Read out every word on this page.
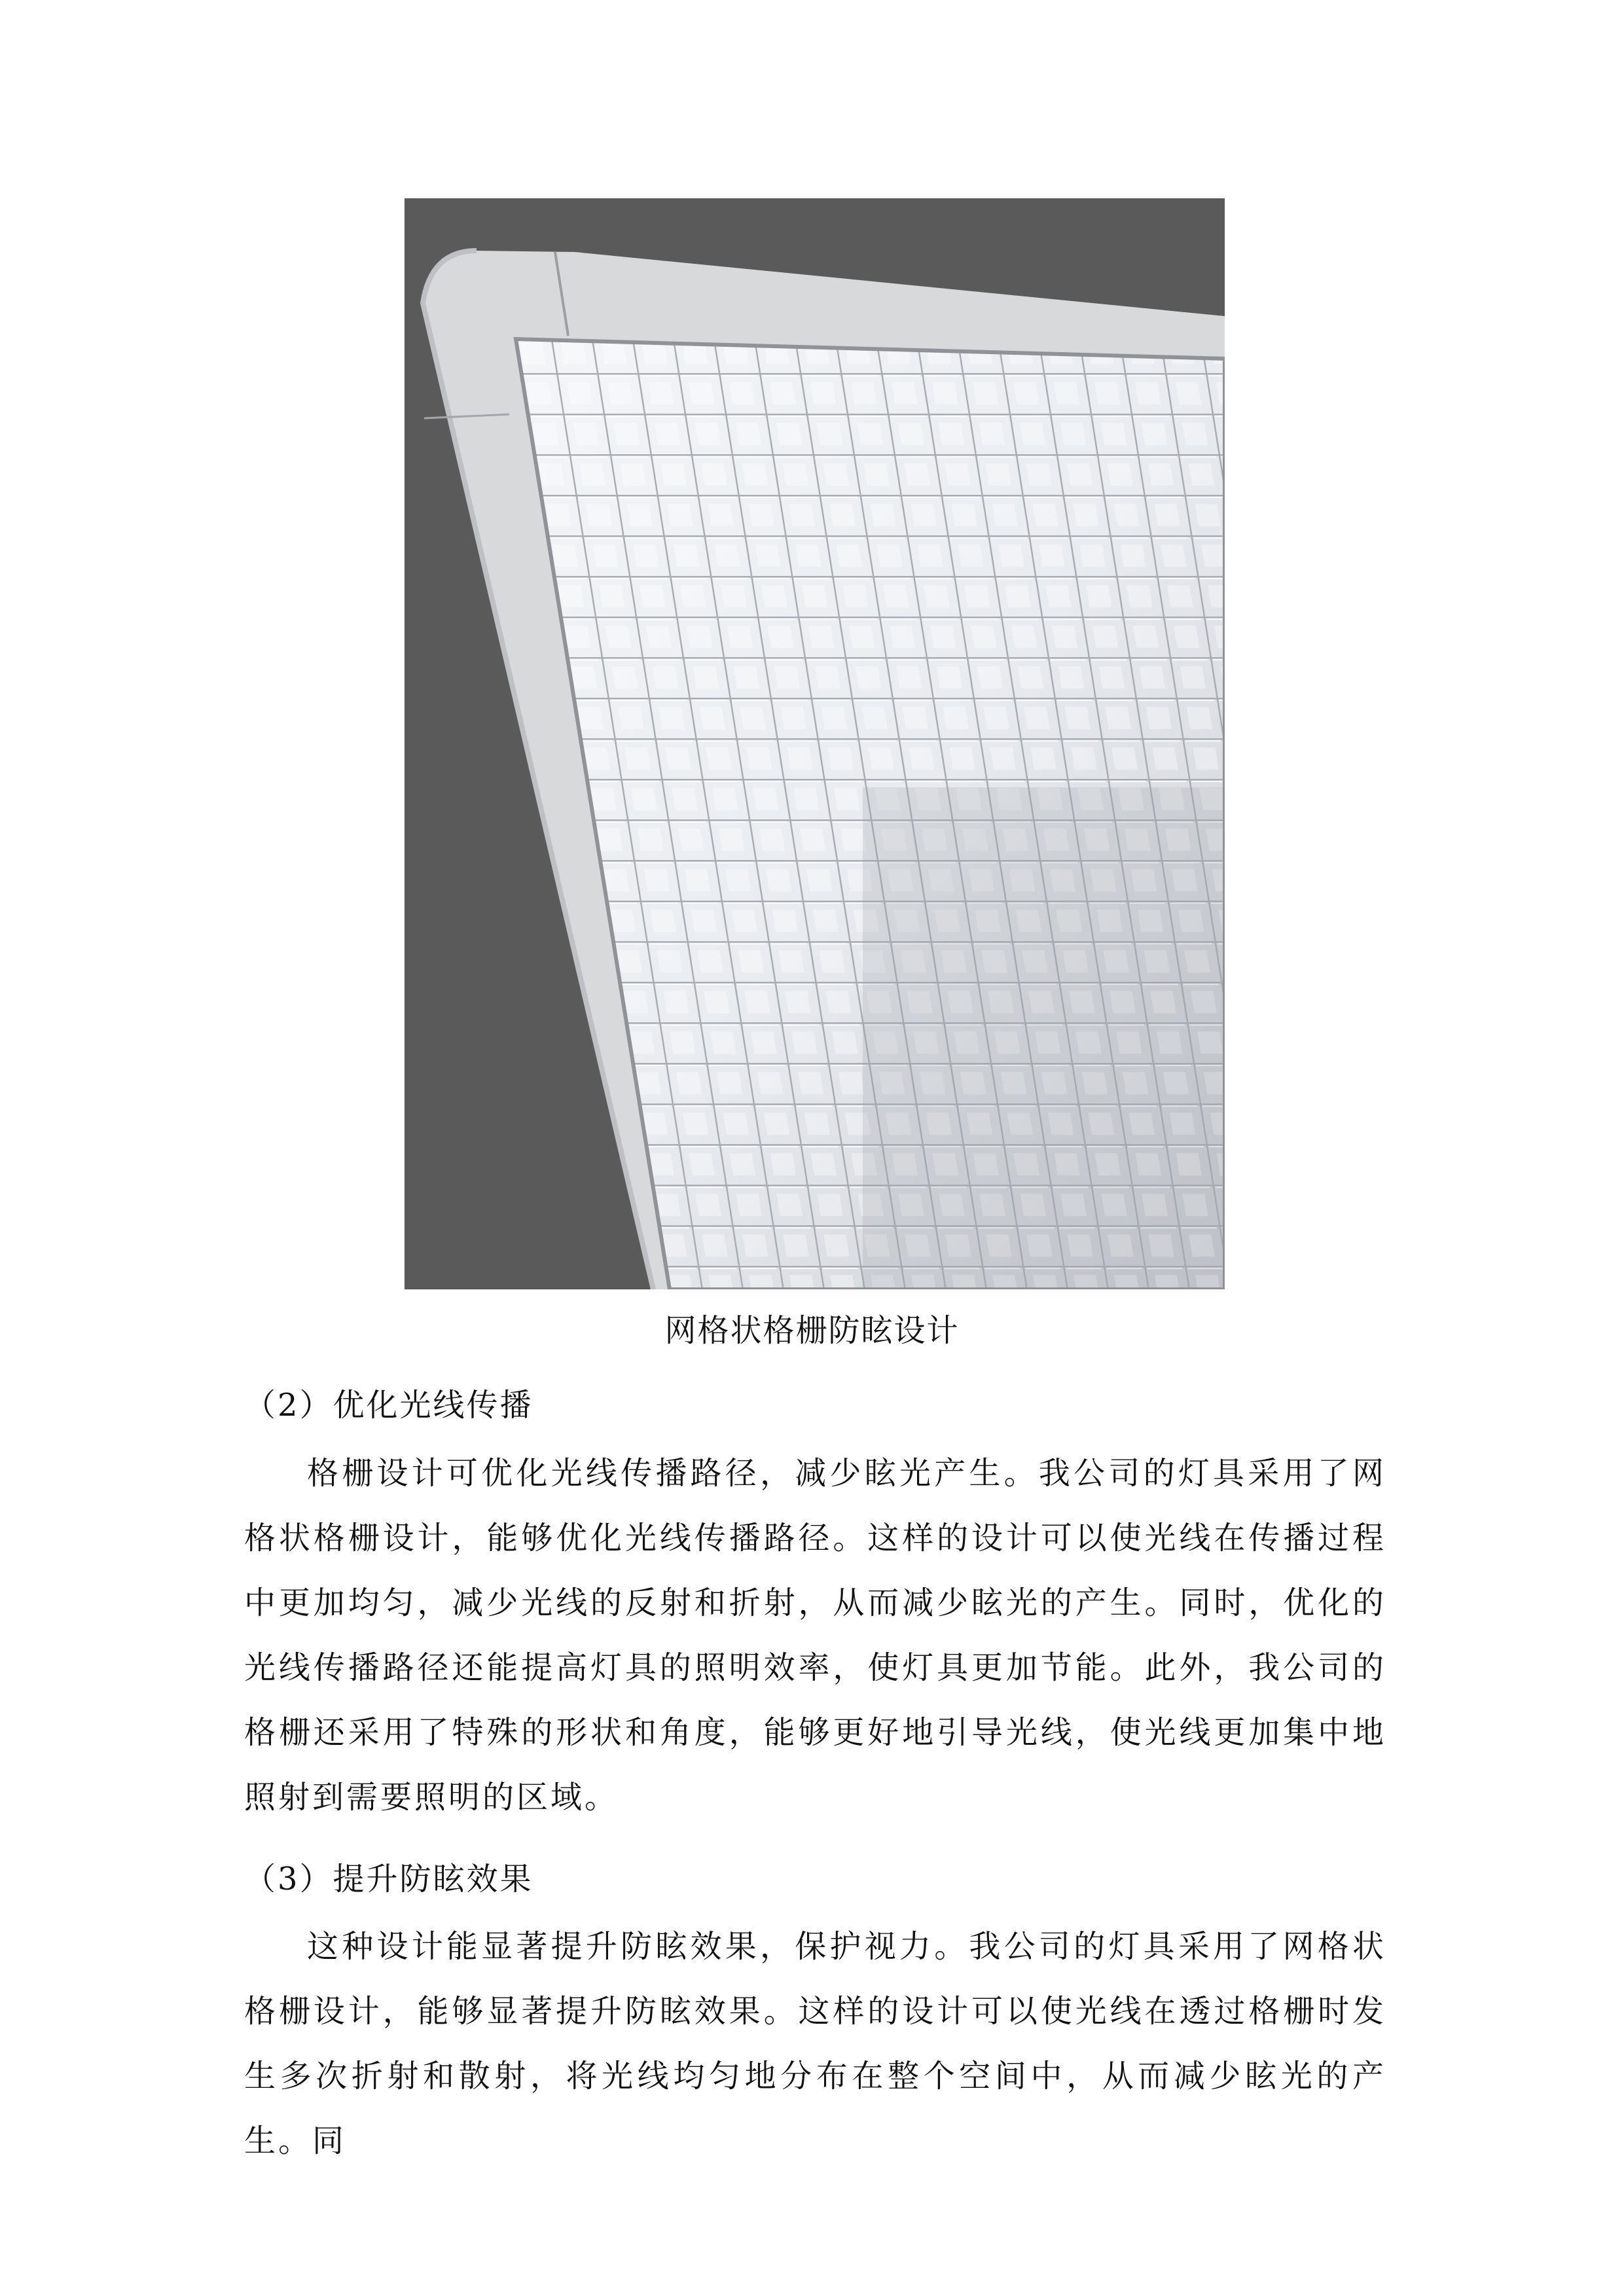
网格状格栅防眩设计
（2）优化光线传播

格栅设计可优化光线传播路径，减少眩光产生。我公司的灯具采用了网格状格栅设计，能够优化光线传播路径。这样的设计可以使光线在传播过程中更加均匀，减少光线的反射和折射，从而减少眩光的产生。同时，优化的光线传播路径还能提高灯具的照明效率，使灯具更加节能。此外，我公司的格栅还采用了特殊的形状和角度，能够更好地引导光线，使光线更加集中地照射到需要照明的区域。

（3）提升防眩效果

这种设计能显著提升防眩效果，保护视力。我公司的灯具采用了网格状格栅设计，能够显著提升防眩效果。这样的设计可以使光线在透过格栅时发生多次折射和散射，将光线均匀地分布在整个空间中，从而减少眩光的产生。同
